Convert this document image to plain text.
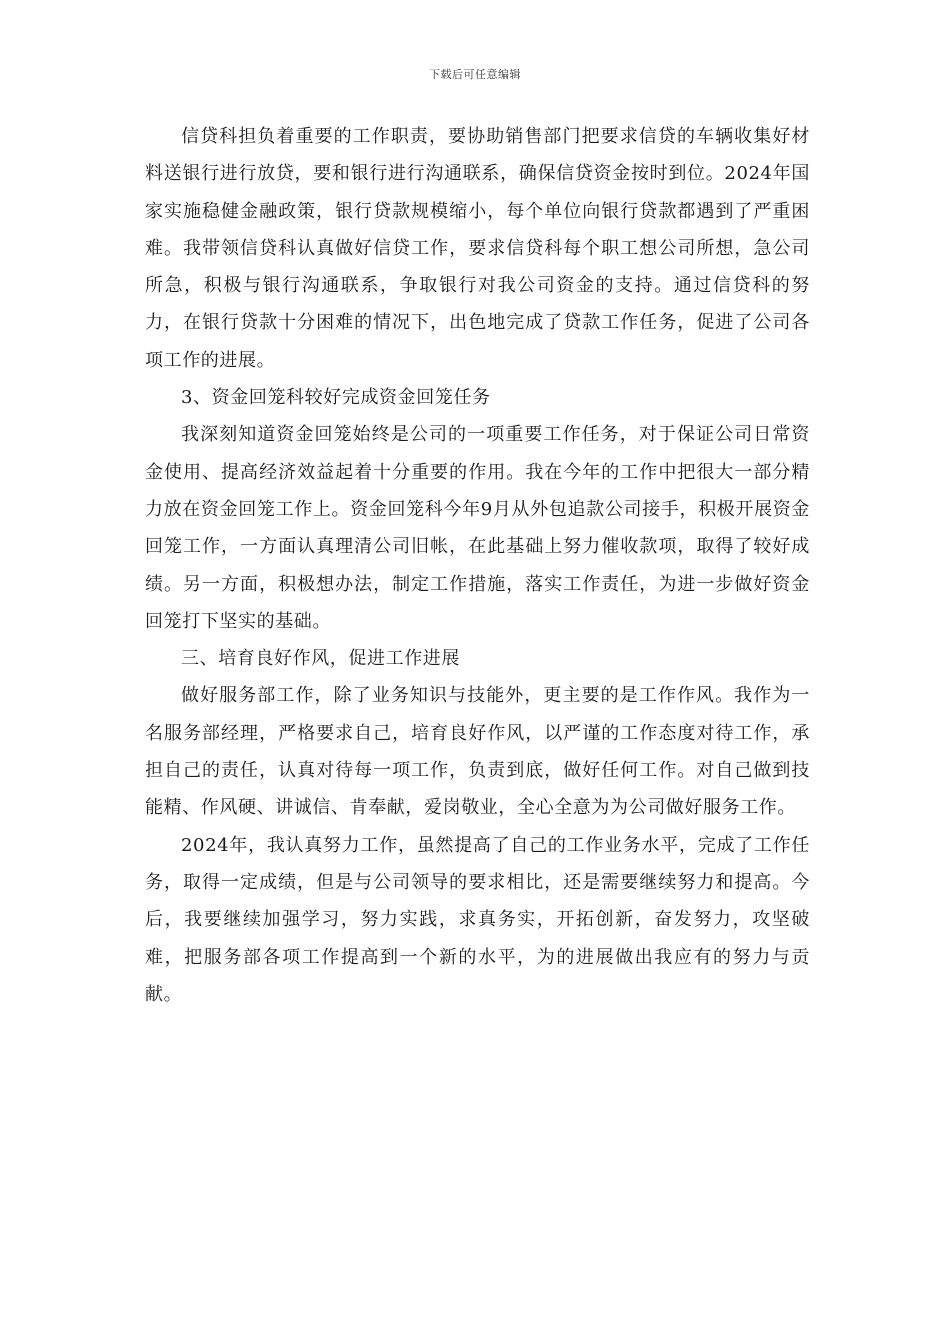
下载后可任意编辑

信贷科担负着重要的工作职责，要协助销售部门把要求信贷的车辆收集好材料送银行进行放贷，要和银行进行沟通联系，确保信贷资金按时到位。2024年国家实施稳健金融政策，银行贷款规模缩小，每个单位向银行贷款都遇到了严重困难。我带领信贷科认真做好信贷工作，要求信贷科每个职工想公司所想，急公司所急，积极与银行沟通联系，争取银行对我公司资金的支持。通过信贷科的努力，在银行贷款十分困难的情况下，出色地完成了贷款工作任务，促进了公司各项工作的进展。

3、资金回笼科较好完成资金回笼任务

我深刻知道资金回笼始终是公司的一项重要工作任务，对于保证公司日常资金使用、提高经济效益起着十分重要的作用。我在今年的工作中把很大一部分精力放在资金回笼工作上。资金回笼科今年9月从外包追款公司接手，积极开展资金回笼工作，一方面认真理清公司旧帐，在此基础上努力催收款项，取得了较好成绩。另一方面，积极想办法，制定工作措施，落实工作责任，为进一步做好资金回笼打下坚实的基础。

三、培育良好作风，促进工作进展

做好服务部工作，除了业务知识与技能外，更主要的是工作作风。我作为一名服务部经理，严格要求自己，培育良好作风，以严谨的工作态度对待工作，承担自己的责任，认真对待每一项工作，负责到底，做好任何工作。对自己做到技能精、作风硬、讲诚信、肯奉献，爱岗敬业，全心全意为为公司做好服务工作。

2024年，我认真努力工作，虽然提高了自己的工作业务水平，完成了工作任务，取得一定成绩，但是与公司领导的要求相比，还是需要继续努力和提高。今后，我要继续加强学习，努力实践，求真务实，开拓创新，奋发努力，攻坚破难，把服务部各项工作提高到一个新的水平，为的进展做出我应有的努力与贡献。
